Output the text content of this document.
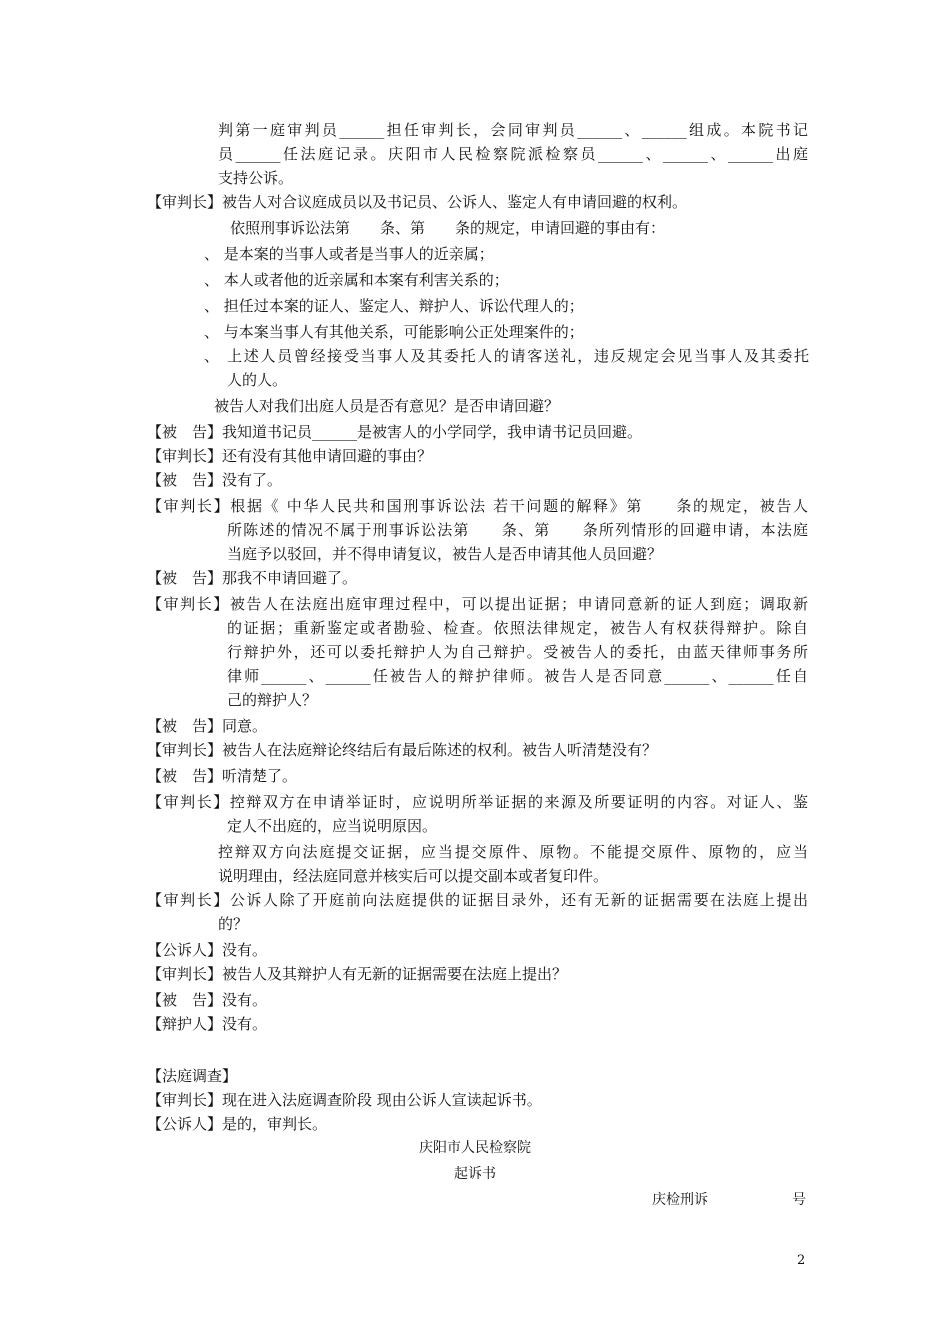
判第一庭审判员______担任审判长，会同审判员______、______组成。本院书记
员______任法庭记录。庆阳市人民检察院派检察员______、______、______出庭
支持公诉。
【审判长】被告人对合议庭成员以及书记员、公诉人、鉴定人有申请回避的权利。
依照刑事诉讼法第　　条、第　　条的规定，申请回避的事由有：
、 是本案的当事人或者是当事人的近亲属；
、 本人或者他的近亲属和本案有利害关系的；
、 担任过本案的证人、鉴定人、辩护人、诉讼代理人的；
、 与本案当事人有其他关系，可能影响公正处理案件的；
、 上述人员曾经接受当事人及其委托人的请客送礼，违反规定会见当事人及其委托
人的人。
被告人对我们出庭人员是否有意见？是否申请回避？
【被　告】我知道书记员______是被害人的小学同学，我申请书记员回避。
【审判长】还有没有其他申请回避的事由？
【被　告】没有了。
【审判长】根据《 中华人民共和国刑事诉讼法 若干问题的解释》第　　条的规定，被告人
所陈述的情况不属于刑事诉讼法第　　条、第　　条所列情形的回避申请，本法庭
当庭予以驳回，并不得申请复议，被告人是否申请其他人员回避？
【被　告】那我不申请回避了。
【审判长】被告人在法庭出庭审理过程中，可以提出证据；申请同意新的证人到庭；调取新
的证据；重新鉴定或者勘验、检查。依照法律规定，被告人有权获得辩护。除自
行辩护外，还可以委托辩护人为自己辩护。受被告人的委托，由蓝天律师事务所
律师______、______任被告人的辩护律师。被告人是否同意______、______任自
己的辩护人？
【被　告】同意。
【审判长】被告人在法庭辩论终结后有最后陈述的权利。被告人听清楚没有？
【被　告】听清楚了。
【审判长】控辩双方在申请举证时，应说明所举证据的来源及所要证明的内容。对证人、鉴
定人不出庭的，应当说明原因。
控辩双方向法庭提交证据，应当提交原件、原物。不能提交原件、原物的，应当
说明理由，经法庭同意并核实后可以提交副本或者复印件。
【审判长】公诉人除了开庭前向法庭提供的证据目录外，还有无新的证据需要在法庭上提出
的？
【公诉人】没有。
【审判长】被告人及其辩护人有无新的证据需要在法庭上提出？
【被　告】没有。
【辩护人】没有。
【法庭调查】
【审判长】现在进入法庭调查阶段 现由公诉人宣读起诉书。
【公诉人】是的，审判长。
庆阳市人民检察院
起诉书
庆检刑诉	号
2
